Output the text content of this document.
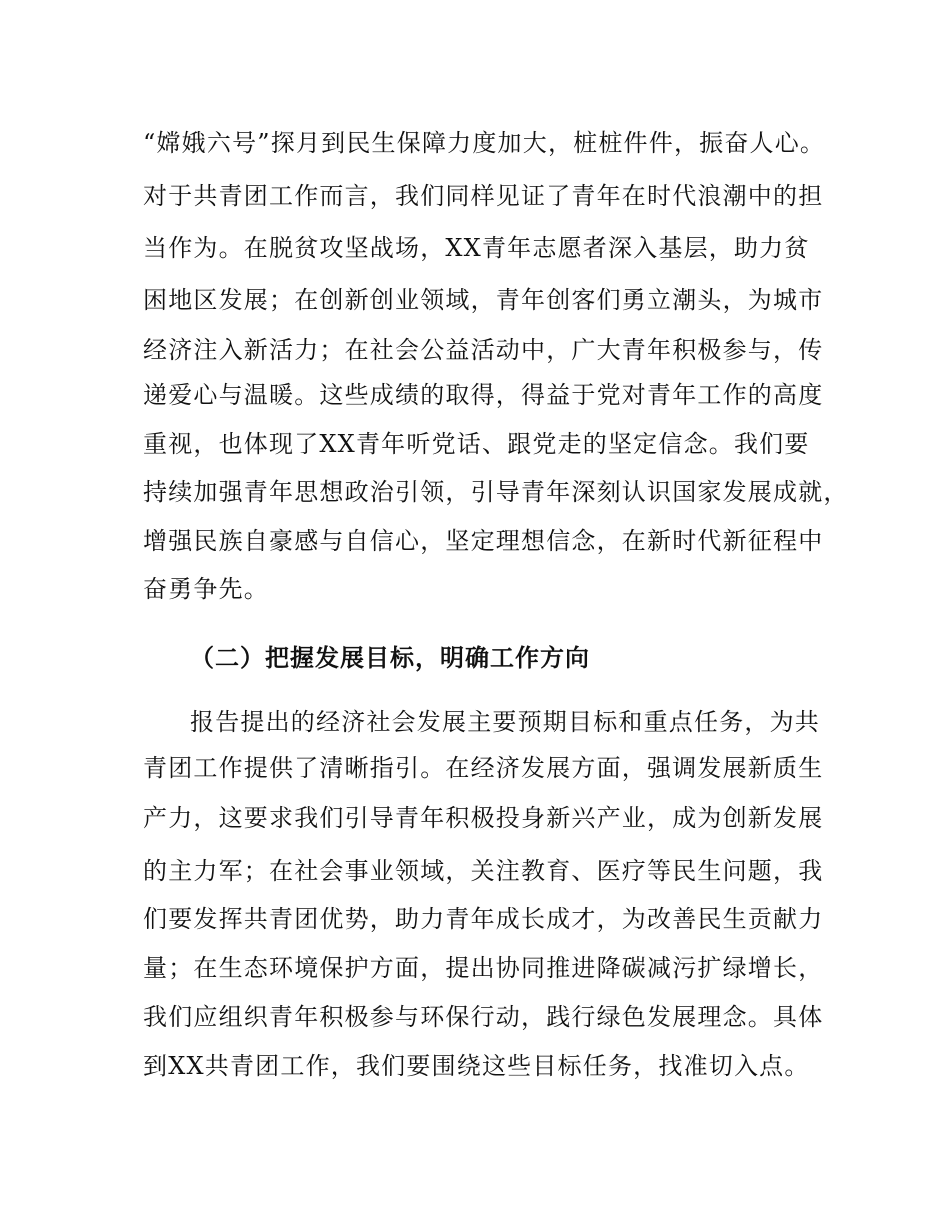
“嫦娥六号”探月到民生保障力度加大，桩桩件件，振奋人心。
对于共青团工作而言，我们同样见证了青年在时代浪潮中的担
当作为。在脱贫攻坚战场，XX青年志愿者深入基层，助力贫
困地区发展；在创新创业领域，青年创客们勇立潮头，为城市
经济注入新活力；在社会公益活动中，广大青年积极参与，传
递爱心与温暖。这些成绩的取得，得益于党对青年工作的高度
重视，也体现了XX青年听党话、跟党走的坚定信念。我们要
持续加强青年思想政治引领，引导青年深刻认识国家发展成就，
增强民族自豪感与自信心，坚定理想信念，在新时代新征程中
奋勇争先。
（二）把握发展目标，明确工作方向
报告提出的经济社会发展主要预期目标和重点任务，为共
青团工作提供了清晰指引。在经济发展方面，强调发展新质生
产力，这要求我们引导青年积极投身新兴产业，成为创新发展
的主力军；在社会事业领域，关注教育、医疗等民生问题，我
们要发挥共青团优势，助力青年成长成才，为改善民生贡献力
量；在生态环境保护方面，提出协同推进降碳减污扩绿增长，
我们应组织青年积极参与环保行动，践行绿色发展理念。具体
到XX共青团工作，我们要围绕这些目标任务，找准切入点。
